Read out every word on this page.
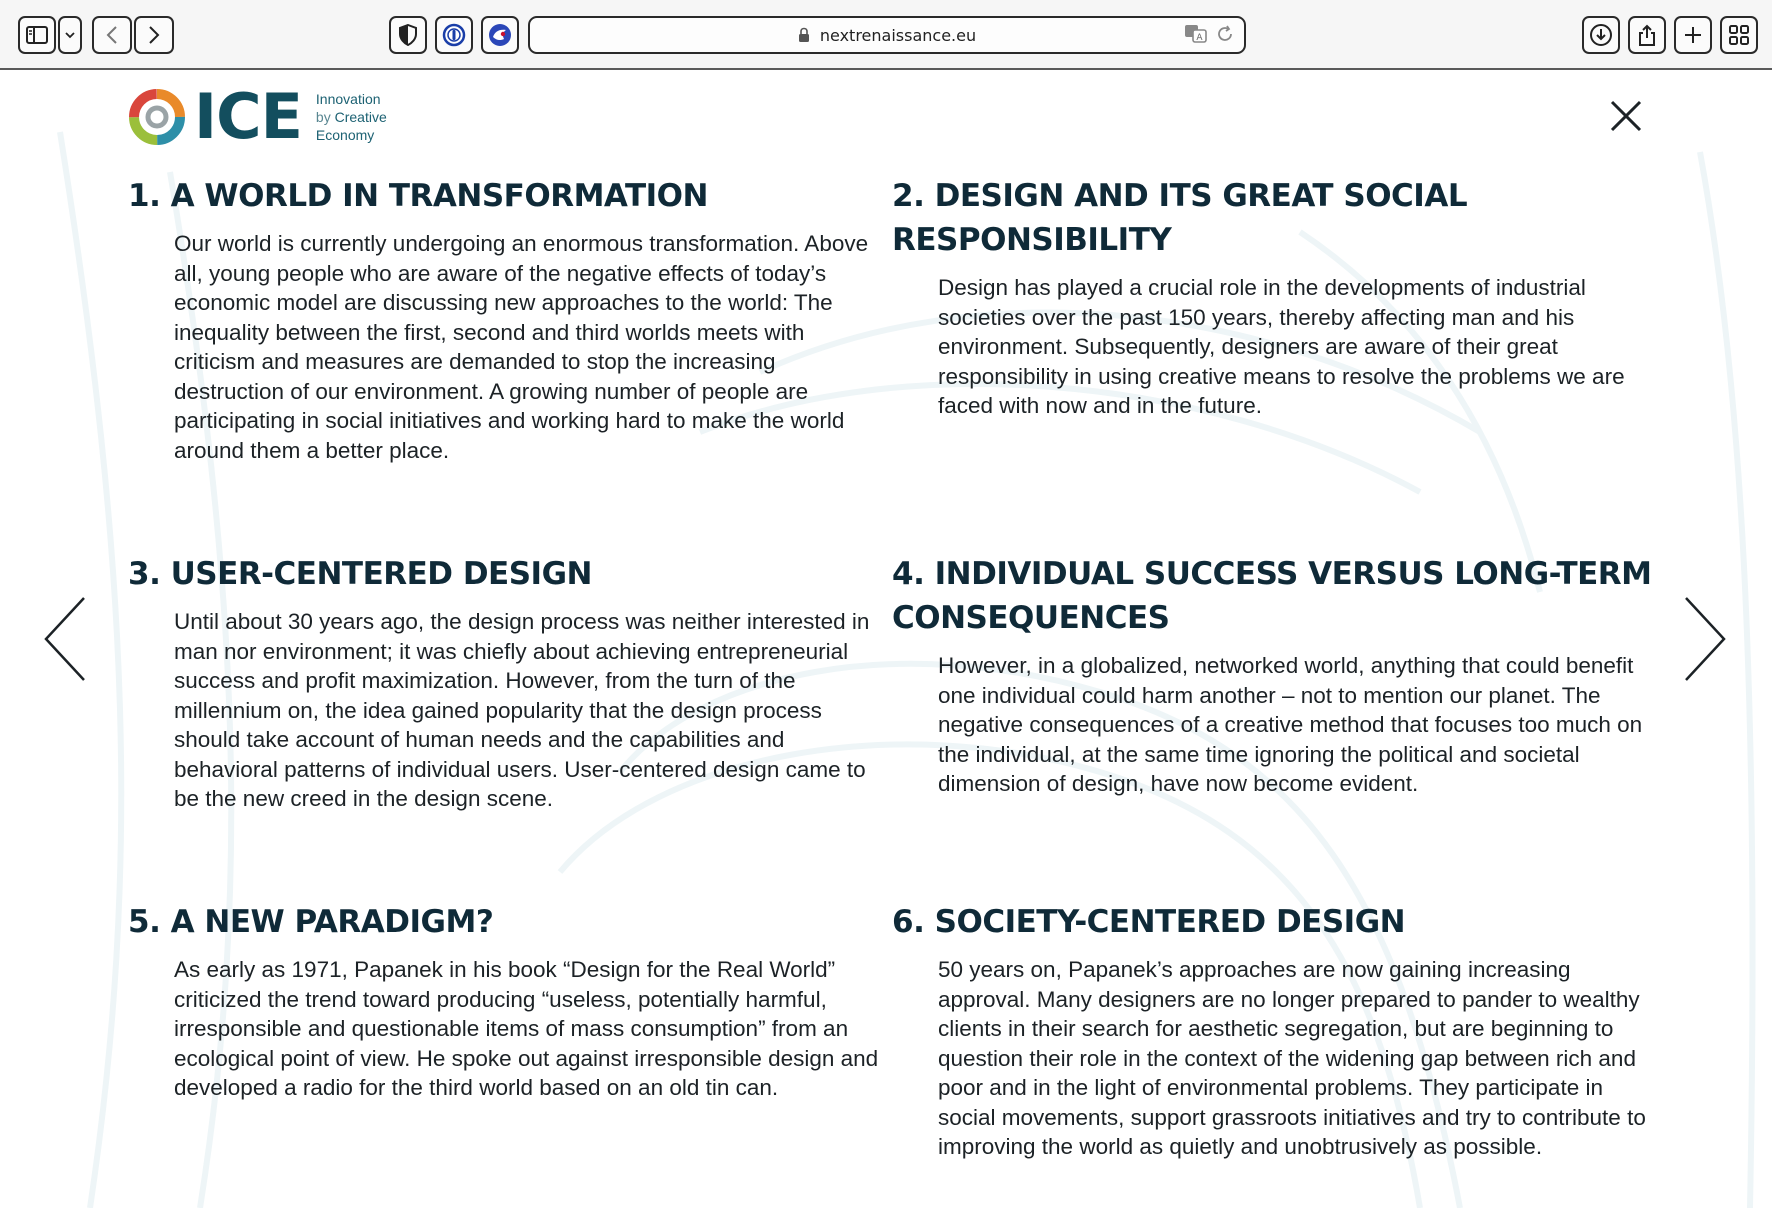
nextrenaissance.eu	A
ICE Innovation
by Creative
Economy
1. A WORLD IN TRANSFORMATION

Our world is currently undergoing an enormous transformation. Above all, young people who are aware of the negative effects of today’s economic model are discussing new approaches to the world: The inequality between the first, second and third worlds meets with criticism and measures are demanded to stop the increasing destruction of our environment. A growing number of people are participating in social initiatives and working hard to make the world around them a better place.

2. DESIGN AND ITS GREAT SOCIAL RESPONSIBILITY

Design has played a crucial role in the developments of industrial societies over the past 150 years, thereby affecting man and his environment. Subsequently, designers are aware of their great responsibility in using creative means to resolve the problems we are faced with now and in the future.

3. USER-CENTERED DESIGN

Until about 30 years ago, the design process was neither interested in man nor environment; it was chiefly about achieving entrepreneurial success and profit maximization. However, from the turn of the millennium on, the idea gained popularity that the design process should take account of human needs and the capabilities and behavioral patterns of individual users. User-centered design came to be the new creed in the design scene.

4. INDIVIDUAL SUCCESS VERSUS LONG-TERM CONSEQUENCES

However, in a globalized, networked world, anything that could benefit one individual could harm another – not to mention our planet. The negative consequences of a creative method that focuses too much on the individual, at the same time ignoring the political and societal dimension of design, have now become evident.

5. A NEW PARADIGM?

As early as 1971, Papanek in his book “Design for the Real World” criticized the trend toward producing “useless, potentially harmful, irresponsible and questionable items of mass consumption” from an ecological point of view. He spoke out against irresponsible design and developed a radio for the third world based on an old tin can.

6. SOCIETY-CENTERED DESIGN

50 years on, Papanek’s approaches are now gaining increasing approval. Many designers are no longer prepared to pander to wealthy clients in their search for aesthetic segregation, but are beginning to question their role in the context of the widening gap between rich and poor and in the light of environmental problems. They participate in social movements, support grassroots initiatives and try to contribute to improving the world as quietly and unobtrusively as possible.
